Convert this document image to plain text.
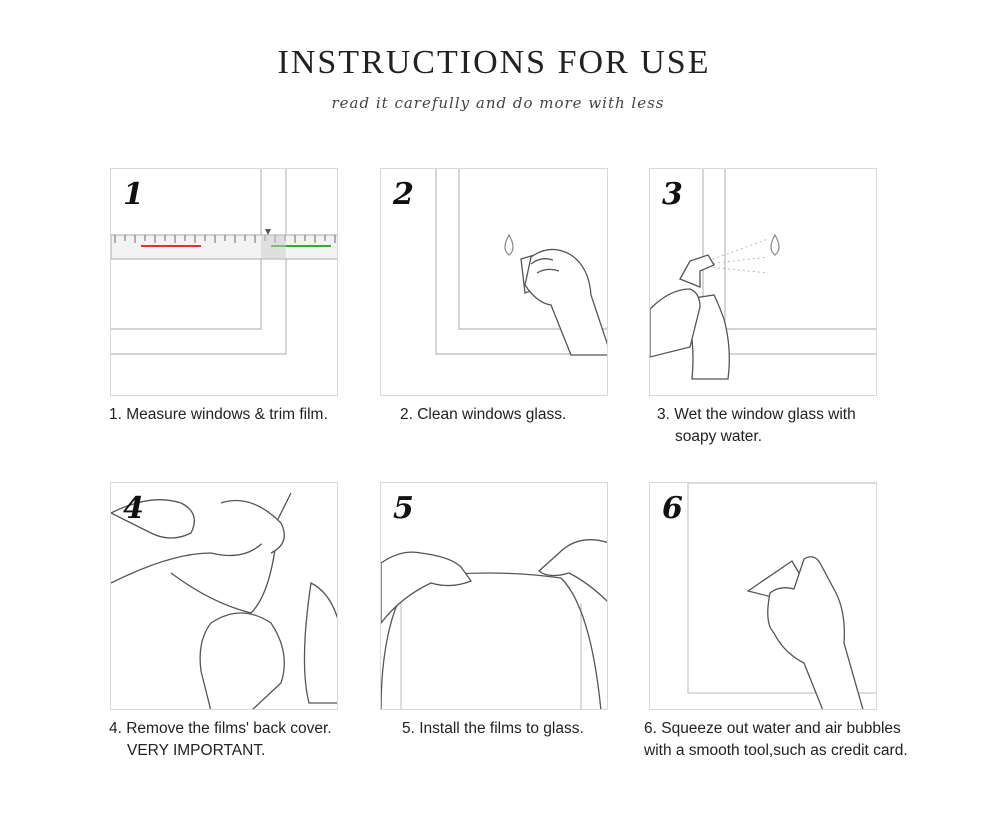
INSTRUCTIONS FOR USE

read it carefully and do more with less

1
1. Measure windows & trim film.
2
2. Clean windows glass.
3
3. Wet the window glass with
soapy water.
4
4. Remove the films' back cover.
VERY IMPORTANT.
5
5. Install the films to glass.
6
6. Squeeze out water and air bubbles
with a smooth tool,such as credit card.
